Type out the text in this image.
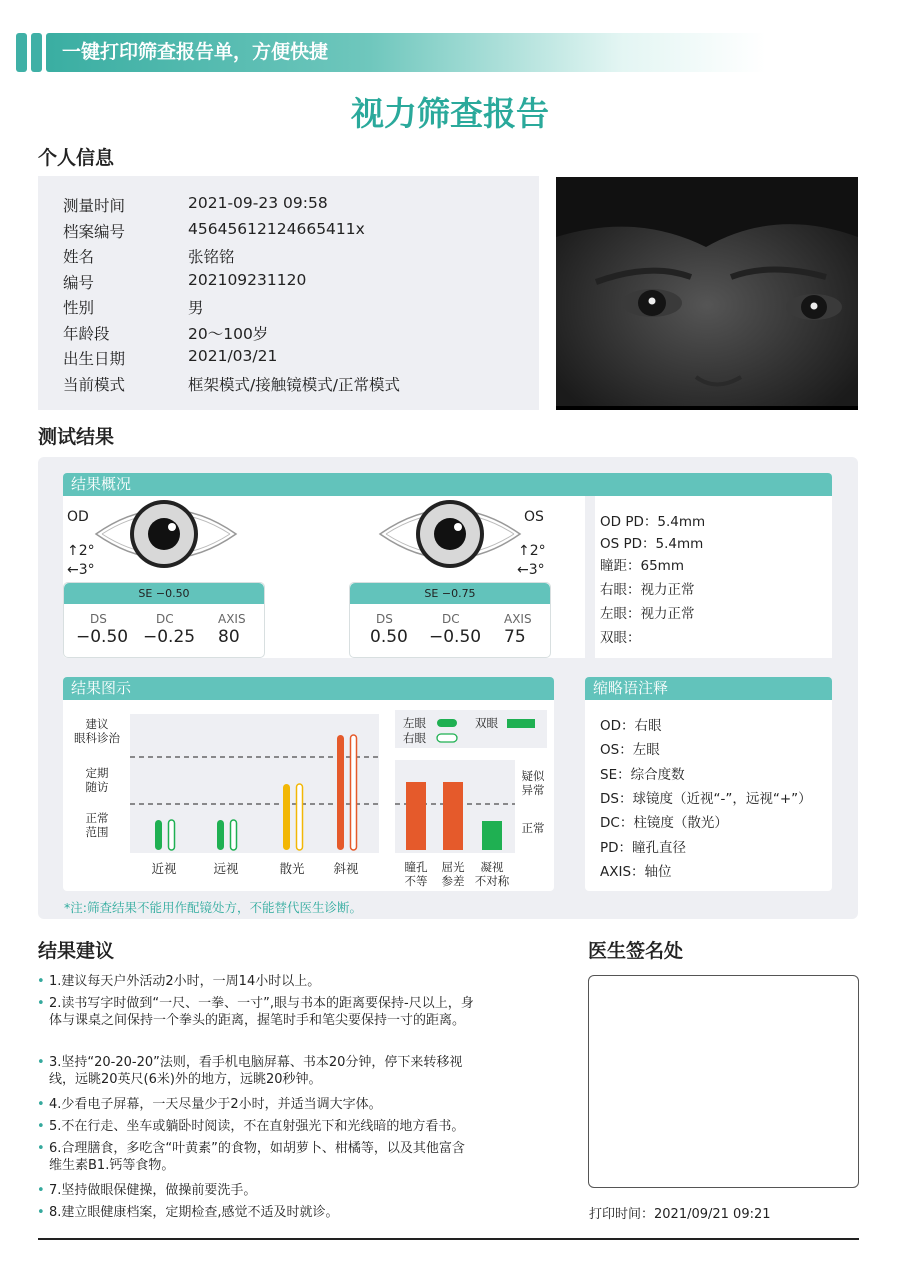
一键打印筛查报告单，方便快捷
视力筛查报告
个人信息
测量时间	2021-09-23 09:58
档案编号	45645612124665411x
姓名	张铭铭
编号	202109231120
性别	男
年龄段	20～100岁
出生日期	2021/03/21
当前模式	框架模式/接触镜模式/正常模式
测试结果
结果概况
OD
↑2°
←3°
SE −0.50
DS	DC	AXIS
−0.50 −0.25 80
OS
↑2°
←3°
SE −0.75
DS	DC	AXIS
0.50 −0.50 75
OD PD：5.4mm
OS PD：5.4mm
瞳距：65mm
右眼：视力正常
左眼：视力正常
双眼：
结果图示
正常
范围
定期
随访
建议
眼科诊治
近视	远视	散光 斜视
左眼
右眼
双眼
疑似
异常
正常
瞳孔
不等
屈光
参差
凝视
不对称
缩略语注释
OD：右眼
OS：左眼
SE：综合度数
DS：球镜度（近视“-”，远视“+”）
DC：柱镜度（散光）
PD：瞳孔直径
AXIS：轴位
*注:筛查结果不能用作配镜处方，不能替代医生诊断。
结果建议
• 1.建议每天户外活动2小时，一周14小时以上。
• 2.读书写字时做到“一尺、一拳、一寸”,眼与书本的距离要保持-尺以上，身体与课桌之间保持一个拳头的距离，握笔时手和笔尖要保持一寸的距离。
• 3.坚持“20-20-20”法则，看手机电脑屏幕、书本20分钟，停下来转移视线，远眺20英尺(6米)外的地方，远眺20秒钟。
• 4.少看电子屏幕，一天尽量少于2小时，并适当调大字体。
• 5.不在行走、坐车或躺卧时阅读，不在直射强光下和光线暗的地方看书。
• 6.合理膳食，多吃含“叶黄素”的食物，如胡萝卜、柑橘等，以及其他富含维生素B1.钙等食物。
• 7.坚持做眼保健操，做操前要洗手。
• 8.建立眼健康档案，定期检查,感觉不适及时就诊。
医生签名处
打印时间：2021/09/21 09:21
